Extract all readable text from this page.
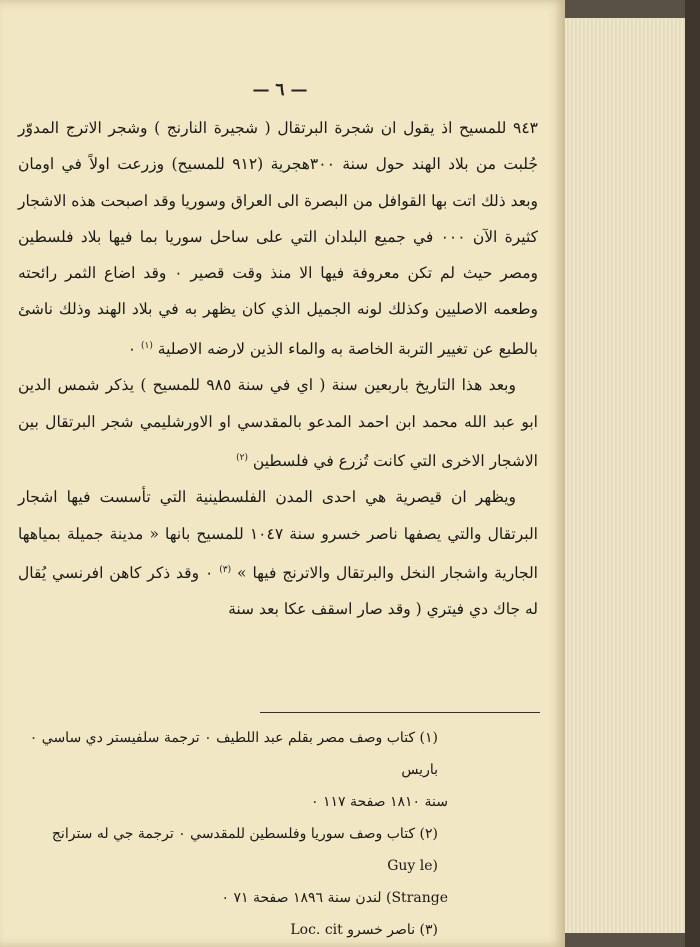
— ٦ —

٩٤٣ للمسيح اذ يقول ان شجرة البرتقال ( شجيرة النارنج ) وشجر الاترج المدوّر جُلبت من بلاد الهند حول سنة ٣٠٠هجرية (٩١٢ للمسيح) وزرعت اولاً في اومان وبعد ذلك اتت بها القوافل من البصرة الى العراق وسوريا وقد اصبحت هذه الاشجار كثيرة الآن ٠٠٠ في جميع البلدان التي على ساحل سوريا بما فيها بلاد فلسطين ومصر حيث لم تكن معروفة فيها الا منذ وقت قصير ٠ وقد اضاع الثمر رائحته وطعمه الاصليين وكذلك لونه الجميل الذي كان يظهر به في بلاد الهند وذلك ناشئ بالطبع عن تغيير التربة الخاصة به والماء الذين لارضه الاصلية $^{(١)}$ ٠

وبعد هذا التاريخ باربعين سنة ( اي في سنة ٩٨٥ للمسيح ) يذكر شمس الدين ابو عبد الله محمد ابن احمد المدعو بالمقدسي او الاورشليمي شجر البرتقال بين الاشجار الاخرى التي كانت تُزرع في فلسطين $^{(٢)}$

ويظهر ان قيصرية هي احدى المدن الفلسطينية التي تأسست فيها اشجار البرتقال والتي يصفها ناصر خسرو سنة ١٠٤٧ للمسيح بانها « مدينة جميلة بمياهها الجارية واشجار النخل والبرتقال والاترنج فيها » $^{(٣)}$ ٠ وقد ذكر كاهن افرنسي يُقال له جاك دي فيتري ( وقد صار اسقف عكا بعد سنة

(١) كتاب وصف مصر بقلم عبد اللطيف ٠ ترجمة سلفيستر دي ساسي ٠ باريس

سنة ١٨١٠ صفحة ١١٧ ٠

(٢) كتاب وصف سوريا وفلسطين للمقدسي ٠ ترجمة جي له سترانج (Guy le

Strange) لندن سنة ١٨٩٦ صفحة ٧١ ٠

(٣) ناصر خسرو Loc. cit
